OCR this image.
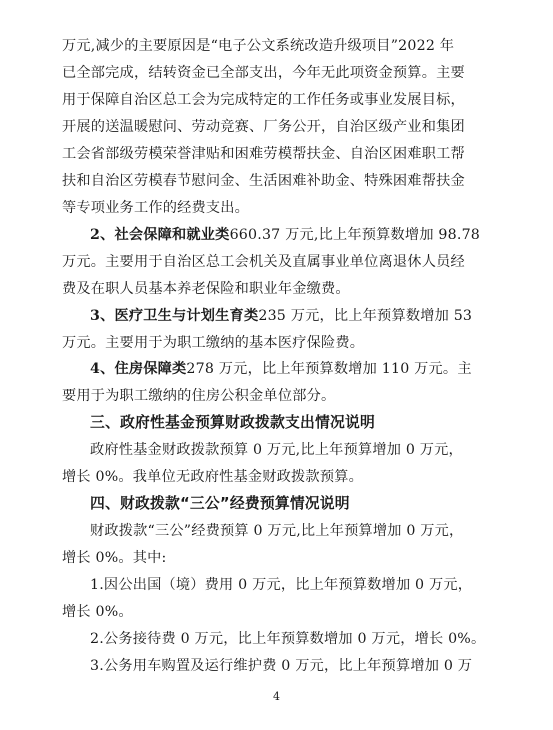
万元,减少的主要原因是“电子公文系统改造升级项目”2022 年
已全部完成，结转资金已全部支出，今年无此项资金预算。主要
用于保障自治区总工会为完成特定的工作任务或事业发展目标，
开展的送温暖慰问、劳动竞赛、厂务公开，自治区级产业和集团
工会省部级劳模荣誉津贴和困难劳模帮扶金、自治区困难职工帮
扶和自治区劳模春节慰问金、生活困难补助金、特殊困难帮扶金
等专项业务工作的经费支出。
2、社会保障和就业类660.37 万元,比上年预算数增加 98.78
万元。主要用于自治区总工会机关及直属事业单位离退休人员经
费及在职人员基本养老保险和职业年金缴费。
3、医疗卫生与计划生育类235 万元，比上年预算数增加 53
万元。主要用于为职工缴纳的基本医疗保险费。
4、住房保障类278 万元，比上年预算数增加 110 万元。主
要用于为职工缴纳的住房公积金单位部分。
三、政府性基金预算财政拨款支出情况说明
政府性基金财政拨款预算 0 万元,比上年预算增加 0 万元，
增长 0%。我单位无政府性基金财政拨款预算。
四、财政拨款“三公”经费预算情况说明
财政拨款“三公”经费预算 0 万元,比上年预算增加 0 万元，
增长 0%。其中:
1.因公出国（境）费用 0 万元，比上年预算数增加 0 万元，
增长 0%。
2.公务接待费 0 万元，比上年预算数增加 0 万元，增长 0%。
3.公务用车购置及运行维护费 0 万元，比上年预算增加 0 万
4
